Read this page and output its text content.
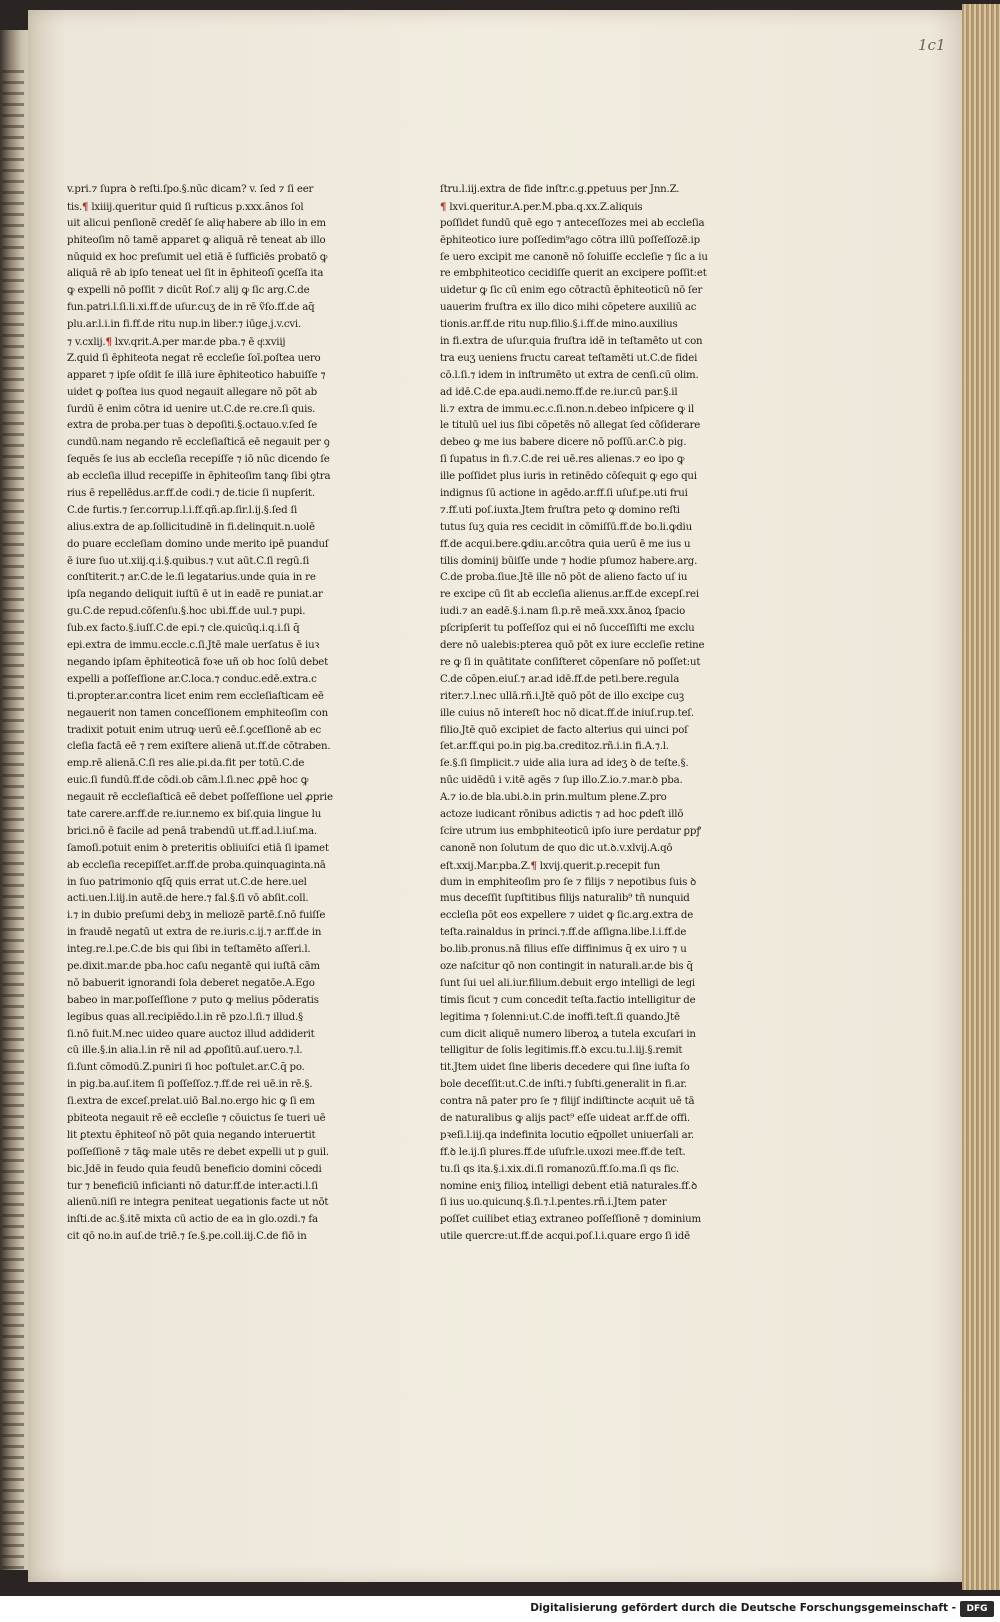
1c1
v.pri.⁊ ſupra ꝺ reſti.ſpo.§.nūc dicam? v. ſed ⁊ ſi eer
tis.¶ lxiiij.queritur quid ſi ruſticus p.xxx.ãnos ſol
uit alicui penſionē credēſ ſe aliqͣ habere ab illo in em
phiteoſim nō tamē apparet ꝙ aliquā rē teneat ab illo
nūquid ex hoc preſumit uel etiā ē ſufficiēs probatō ꝙ
aliquā rē ab ipſo teneat uel ſit in ēphiteoſi̅ ꝯceſſa ita
ꝙ expelli nō poſſit ⁊ dicūt Roſ.⁊ alij ꝙ ſic arg.C.de
fun.patri.l.ſi.li.xi.ff.de uſur.cuʒ de in rē ṽſo.ff.de aq̄
plu.ar.l.i.in fi.ff.de ritu nup.in liber.⁊ iūge.j.v.cvi.
⁊ v.cxlij.¶ lxv.qrit.A.per mar.de pba.⁊ ē qͦ.xviij
Z.quid ſi ēphiteota negat rē eccleſie ſoī.poſtea uero
apparet ⁊ ipſe oſdit ſe illā iure ēphiteotico habuiſſe ⁊
uidet ꝙ poſtea ius quod negauit allegare nō pōt ab
ſurdū ē enim cōtra id uenire ut.C.de re.cre.ſi quis.
extra de proba.per tuas ꝺ depoſiti.§.octauo.v.ſed ſe
cundū.nam negando rē eccleſiaſticā eē negauit per ꝯ
ſequēs ſe ius ab eccleſia recepiſſe ⁊ iō nūc dicendo ſe
ab eccleſia illud recepiſſe in ēphiteoſim tanꝙ ſibi ꝯtra
rius ē repellēdus.ar.ff.de codi.⁊ de.ticie ſi nupſerit.
C.de furtis.⁊ ſer.corrup.l.i.ff.qñ.ap.ſir.l.ij.§.ſed ſi
alius.extra de ap.ſollicitudinē in fi.delinquit.n.uolē
do puare eccleſiam domino unde merito ipē puanduſ
ē iure ſuo ut.xiij.q.i.§.quibus.⁊ v.ut aūt.C.ſi regū.ſi
conſtiterit.⁊ ar.C.de le.ſi legatarius.unde quia in re
ipſa negando deliquit iuſtū ē ut in eadē re puniat.ar
gu.C.de repud.cōſenſu.§.hoc ubi.ff.de uul.⁊ pupi.
ſub.ex facto.§.iuſſ.C.de epi.⁊ cle.quicūq.i.q.i.ſi q̄
epi.extra de immu.eccle.c.ſi.Jtē male uerſatus ē iuꝛ
negando ipſam ēphiteoticā foꝛe uñ ob hoc ſolū debet
expelli a poſſeſſione ar.C.loca.⁊ conduc.edē.extra.c
ti.propter.ar.contra licet enim rem eccleſiaſticam eē
negauerit non tamen conceſſionem emphiteoſim con
tradixit potuit enim utruꝙ uerū eē.ſ.ꝯceſſionē ab ec
cleſia factā eē ⁊ rem exiſtere alienā ut.ff.de cōtraben.
emp.rē alienā.C.ſi res alie.pi.da.fit per totū.C.de
euic.ſi fundū.ff.de cōdi.ob cām.l.ſi.nec ꝓpē hoc ꝙ
negauit rē eccleſiaſticā eē debet poſſeſſione uel ꝓprie
tate carere.ar.ff.de re.iur.nemo ex biſ.quia lingue lu
brici.nō ē facile ad penā trabendū ut.ff.ad.l.iuſ.ma.
ſamoſi.potuit enim ꝺ preteritis obliuiſci etiā ſi ipamet
ab eccleſia recepiſſet.ar.ff.de proba.quinquaginta.nā
in ſuo patrimonio qſq̄ quis errat ut.C.de here.uel
acti.uen.l.iij.in autē.de here.⁊ fal.§.ſi vō abſit.coll.
i.⁊ in dubio preſumi debʒ in meliozē partē.ſ.nō fuiſſe
in fraudē negatū ut extra de re.iuris.c.ij.⁊ ar.ff.de in
integ.re.l.pe.C.de bis qui ſibi in teſtamēto aſſeri.l.
pe.dixit.mar.de pba.hoc caſu negantē qui iuſtā cām
nō babuerit ignorandi ſola deberet negatōe.A.Ego
babeo in mar.poſſeſſione ⁊ puto ꝙ melius pōderatis
legibus quas all.recipiēdo.l.in rē pzo.l.ſi.⁊ illud.§
ſi.nō fuit.M.nec uideo quare auctoz illud addiderit
cū ille.§.in alia.l.in rē nil ad ꝓpoſitū.auſ.uero.⁊.l.
ſi.ſunt cōmodū.Z.puniri ſi hoc poſtulet.ar.C.q̄ po.
in pig.ba.auſ.item ſi poſſeſſoz.⁊.ff.de rei uē.in rē.§.
ſi.extra de exceſ.prelat.uiō Bal.no.ergo hic ꝙ ſi em
pbiteota negauit rē eē eccleſie ⁊ cōuictus ſe tueri uē
lit ꝑtextu ēphiteoſ nō pōt quia negando interuertit
poſſeſſionē ⁊ tāꝙ male utēs re debet expelli ut p guil.
bic.Jdē in feudo quia feudū beneficio domini cōcedi
tur ⁊ beneficiū inficianti nō datur.ff.de inter.acti.l.ſi
alienū.niſi re integra peniteat uegationis facte ut nōt
inſti.de ac.§.itē mixta cū actio de ea in glo.ozdi.⁊ fa
cit qō no.in auſ.de triē.⁊ ſe.§.pe.coll.iij.C.de fiō in
ſtru.l.iij.extra de fide inſtr.c.g.ꝑpetuus per Jnn.Z.
¶ lxvi.queritur.A.per.M.pba.q.xx.Z.aliquis
poſſidet fundū quē ego ⁊ anteceſſozes mei ab eccleſia
ēphiteotico iure poſſedim⁹ago cōtra illū poſſeſſozē.ip
ſe uero excipit me canonē nō ſoluiſſe eccleſie ⁊ ſic a iu
re embphiteotico cecidiſſe querit an excipere poſſit:et
uidetur ꝙ ſic cū enim ego cōtractū ēphiteoticū nō ſer
uauerim fruſtra ex illo dico mihi cōpetere auxiliū ac
tionis.ar.ff.de ritu nup.filio.§.i.ff.de mino.auxilius
in fi.extra de uſur.quia fruſtra idē in teſtamēto ut con
tra euʒ ueniens fructu careat teſtamēti ut.C.de fidei
cō.l.ſi.⁊ idem in inſtrumēto ut extra de cenſi.cū olim.
ad idē.C.de epa.audi.nemo.ff.de re.iur.cū par.§.il
li.⁊ extra de immu.ec.c.ſi.non.n.debeo inſpicere ꝙ il
le titulū uel ius ſibi cōpetēs nō allegat ſed cōſiderare
debeo ꝙ me ius babere dicere nō poſſū.ar.C.ꝺ pig.
ſi ſupatus in fi.⁊.C.de rei uē.res alienas.⁊ eo ipo ꝙ
ille poſſidet plus iuris in retinēdo cōſequit ꝙ ego qui
indignus ſū actione in agēdo.ar.ff.ſi uſuf.pe.uti frui
⁊.ff.uti poſ.iuxta.Jtem fruſtra peto ꝙ domino reſti
tutus ſuʒ quia res cecidit in cōmiſſū.ff.de bo.li.ꝙdiu
ff.de acqui.bere.ꝙdiu.ar.cōtra quia uerū ē me ius u
tilis dominij būiſſe unde ⁊ hodie pſumoz habere.arg.
C.de proba.ſiue.Jtē ille nō pōt de alieno facto uſ iu
re excipe cū ſit ab eccleſia alienus.ar.ff.de excepſ.rei
iudi.⁊ an eadē.§.i.nam ſi.p.rē meā.xxx.ānoꝝ ſpacio
pſcripſerit tu poſſeſſoz qui ei nō ſucceſſiſti me exclu
dere nō ualebis:pterea quō pōt ex iure eccleſie retine
re ꝙ ſi in quātitate conſiſteret cōpenſare nō poſſet:ut
C.de cōpen.eiuſ.⁊ ar.ad idē.ff.de peti.bere.regula
riter.⁊.l.nec ullā.rñ.i.Jtē quō pōt de illo excipe cuꝫ
ille cuius nō intereſt hoc nō dicat.ff.de iniuſ.rup.teſ.
filio.Jtē quō excipiet de facto alterius qui uinci poſ
ſet.ar.ff.qui po.in pig.ba.creditoz.rñ.i.in fi.A.⁊.l.
ſe.§.ſi ſimplicit.⁊ uide alia iura ad ideʒ ꝺ de teſte.§.
nūc uidēdū i v.itē agēs ⁊ ſup illo.Z.io.⁊.mar.ꝺ pba.
A.⁊ io.de bla.ubi.ꝺ.in prin.multum plene.Z.pro
actoze iudicant rōnibus adictis ⁊ ad hoc ꝑdeſt illō
ſcire utrum ius embphiteoticū ipſo iure perdatur ꝑpꝭ
canonē non ſolutum de quo dic ut.ꝺ.v.xlvij.A.qō
eſt.xxij.Mar.pba.Z.¶ lxvij.querit.p.recepit fun
dum in emphiteoſim pro ſe ⁊ filijs ⁊ nepotibus ſuis ꝺ
mus deceſſit ſupſtitibus filijs naturalib⁹ tñ nunquid
eccleſia pōt eos expellere ⁊ uidet ꝙ ſic.arg.extra de
teſta.rainaldus in princi.⁊.ff.de aſſigna.libe.l.i.ff.de
bo.lib.pronus.nā filius eſſe diffinimus q̄ ex uiro ⁊ u
oze naſcitur qō non contingit in naturali.ar.de bis q̄
ſunt ſui uel ali.iur.filium.debuit ergo intelligi de legi
timis ſicut ⁊ cum concedit teſta.factio intelligitur de
legitima ⁊ ſolenni:ut.C.de inoffi.teſt.ſi quando.Jtē
cum dicit aliquē numero liberoꝝ a tutela excuſari in
telligitur de ſolis legitimis.ff.ꝺ excu.tu.l.iij.§.remit
tit.Jtem uidet ſine liberis decedere qui ſine iuſta ſo
bole deceſſit:ut.C.de inſti.⁊ ſubſti.generalit in fi.ar.
contra nā pater pro ſe ⁊ filijſ indiſtincte acqͥuit uē tā
de naturalibus ꝙ alijs pact⁹ eſſe uideat ar.ff.de offi.
pꝛeſi.l.iij.qa indefinita locutio eq̄pollet uniuerſali ar.
ff.ꝺ le.ij.ſi plures.ff.de uſufr.le.uxozi mee.ff.de teſt.
tu.ſi qs ita.§.i.xix.di.ſi romanozū.ff.ſo.ma.ſi qs fic.
nomine eniʒ filioꝝ intelligi debent etiā naturales.ff.ꝺ
ſi ius uo.quicunq.§.ſi.⁊.l.pentes.rñ.i.Jtem pater
poſſet cuilibet etiaʒ extraneo poſſeſſionē ⁊ dominium
utile quercre:ut.ff.de acqui.poſ.l.i.quare ergo ſi idē
Digitalisierung gefördert durch die Deutsche Forschungsgemeinschaft -	DFG
